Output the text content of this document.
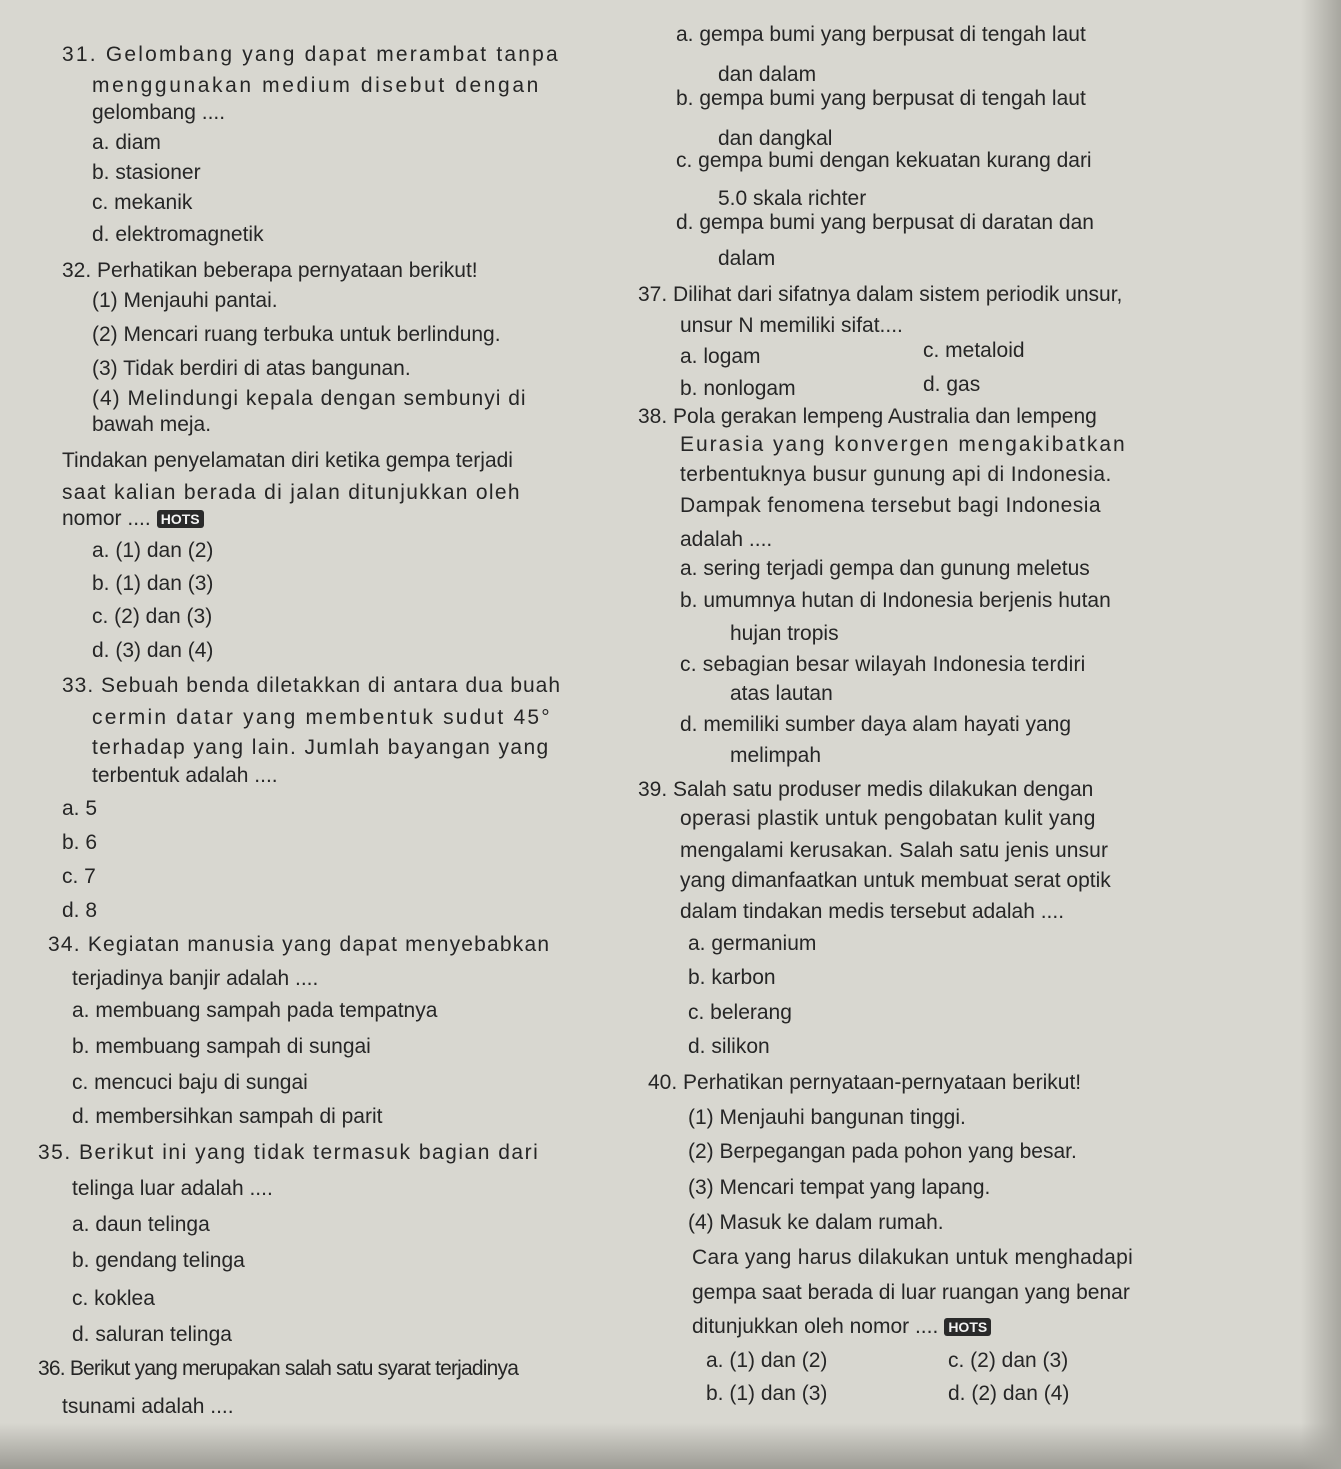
31. Gelombang yang dapat merambat tanpa
menggunakan medium disebut dengan
gelombang ....
a. diam
b. stasioner
c. mekanik
d. elektromagnetik
32. Perhatikan beberapa pernyataan berikut!
(1) Menjauhi pantai.
(2) Mencari ruang terbuka untuk berlindung.
(3) Tidak berdiri di atas bangunan.
(4) Melindungi kepala dengan sembunyi di
bawah meja.
Tindakan penyelamatan diri ketika gempa terjadi
saat kalian berada di jalan ditunjukkan oleh
nomor .... HOTS
a. (1) dan (2)
b. (1) dan (3)
c. (2) dan (3)
d. (3) dan (4)
33. Sebuah benda diletakkan di antara dua buah
cermin datar yang membentuk sudut 45°
terhadap yang lain. Jumlah bayangan yang
terbentuk adalah ....
a. 5
b. 6
c. 7
d. 8
34. Kegiatan manusia yang dapat menyebabkan
terjadinya banjir adalah ....
a. membuang sampah pada tempatnya
b. membuang sampah di sungai
c. mencuci baju di sungai
d. membersihkan sampah di parit
35. Berikut ini yang tidak termasuk bagian dari
telinga luar adalah ....
a. daun telinga
b. gendang telinga
c. koklea
d. saluran telinga
36. Berikut yang merupakan salah satu syarat terjadinya
tsunami adalah ....
a. gempa bumi yang berpusat di tengah laut
dan dalam
b. gempa bumi yang berpusat di tengah laut
dan dangkal
c. gempa bumi dengan kekuatan kurang dari
5.0 skala richter
d. gempa bumi yang berpusat di daratan dan
dalam
37. Dilihat dari sifatnya dalam sistem periodik unsur,
unsur N memiliki sifat....
a. logam	c. metaloid
b. nonlogam	d. gas
38. Pola gerakan lempeng Australia dan lempeng
Eurasia yang konvergen mengakibatkan
terbentuknya busur gunung api di Indonesia.
Dampak fenomena tersebut bagi Indonesia
adalah ....
a. sering terjadi gempa dan gunung meletus
b. umumnya hutan di Indonesia berjenis hutan
hujan tropis
c. sebagian besar wilayah Indonesia terdiri
atas lautan
d. memiliki sumber daya alam hayati yang
melimpah
39. Salah satu produser medis dilakukan dengan
operasi plastik untuk pengobatan kulit yang
mengalami kerusakan. Salah satu jenis unsur
yang dimanfaatkan untuk membuat serat optik
dalam tindakan medis tersebut adalah ....
a. germanium
b. karbon
c. belerang
d. silikon
40. Perhatikan pernyataan-pernyataan berikut!
(1) Menjauhi bangunan tinggi.
(2) Berpegangan pada pohon yang besar.
(3) Mencari tempat yang lapang.
(4) Masuk ke dalam rumah.
Cara yang harus dilakukan untuk menghadapi
gempa saat berada di luar ruangan yang benar
ditunjukkan oleh nomor .... HOTS
a. (1) dan (2)	c. (2) dan (3)
b. (1) dan (3)	d. (2) dan (4)
